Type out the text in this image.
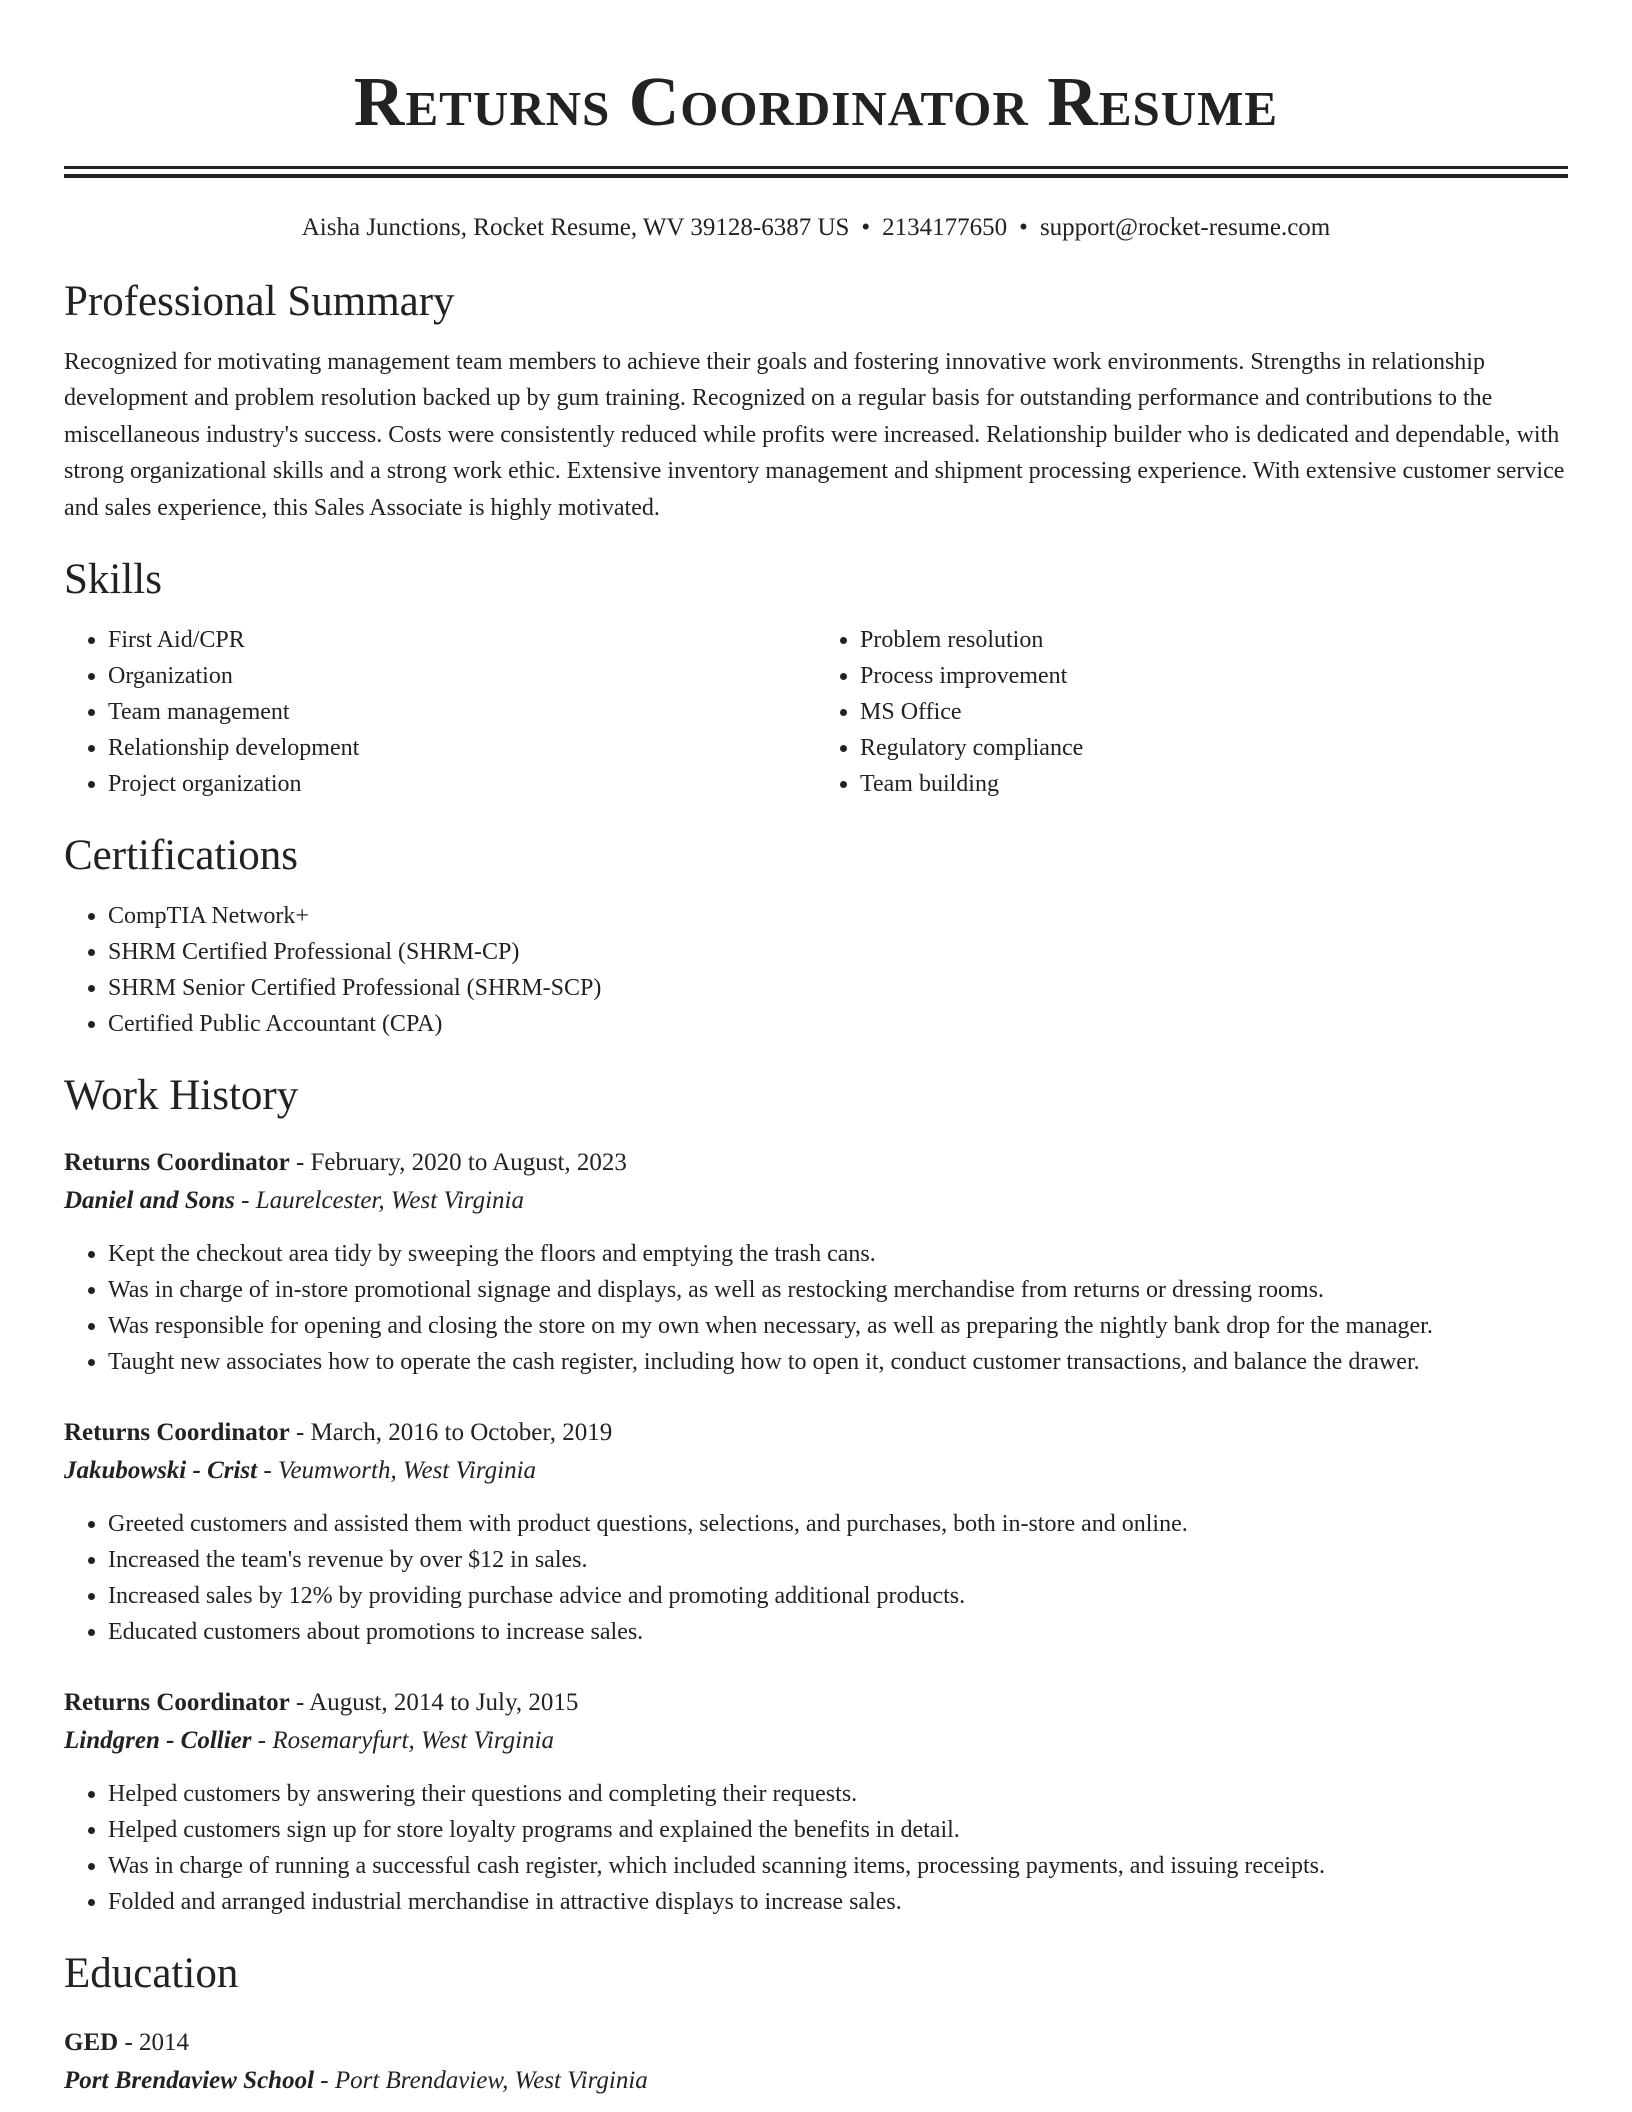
Returns Coordinator Resume
Aisha Junctions, Rocket Resume, WV 39128-6387 US • 2134177650 • support@rocket-resume.com
Professional Summary

Recognized for motivating management team members to achieve their goals and fostering innovative work environments. Strengths in relationship development and problem resolution backed up by gum training. Recognized on a regular basis for outstanding performance and contributions to the miscellaneous industry's success. Costs were consistently reduced while profits were increased. Relationship builder who is dedicated and dependable, with strong organizational skills and a strong work ethic. Extensive inventory management and shipment processing experience. With extensive customer service and sales experience, this Sales Associate is highly motivated.

Skills
• First Aid/CPR
• Organization
• Team management
• Relationship development
• Project organization
• Problem resolution
• Process improvement
• MS Office
• Regulatory compliance
• Team building
Certifications
• CompTIA Network+
• SHRM Certified Professional (SHRM-CP)
• SHRM Senior Certified Professional (SHRM-SCP)
• Certified Public Accountant (CPA)
Work History
Returns Coordinator - February, 2020 to August, 2023
Daniel and Sons - Laurelcester, West Virginia
• Kept the checkout area tidy by sweeping the floors and emptying the trash cans.
• Was in charge of in-store promotional signage and displays, as well as restocking merchandise from returns or dressing rooms.
• Was responsible for opening and closing the store on my own when necessary, as well as preparing the nightly bank drop for the manager.
• Taught new associates how to operate the cash register, including how to open it, conduct customer transactions, and balance the drawer.
Returns Coordinator - March, 2016 to October, 2019
Jakubowski - Crist - Veumworth, West Virginia
• Greeted customers and assisted them with product questions, selections, and purchases, both in-store and online.
• Increased the team's revenue by over $12 in sales.
• Increased sales by 12% by providing purchase advice and promoting additional products.
• Educated customers about promotions to increase sales.
Returns Coordinator - August, 2014 to July, 2015
Lindgren - Collier - Rosemaryfurt, West Virginia
• Helped customers by answering their questions and completing their requests.
• Helped customers sign up for store loyalty programs and explained the benefits in detail.
• Was in charge of running a successful cash register, which included scanning items, processing payments, and issuing receipts.
• Folded and arranged industrial merchandise in attractive displays to increase sales.
Education
GED - 2014
Port Brendaview School - Port Brendaview, West Virginia
